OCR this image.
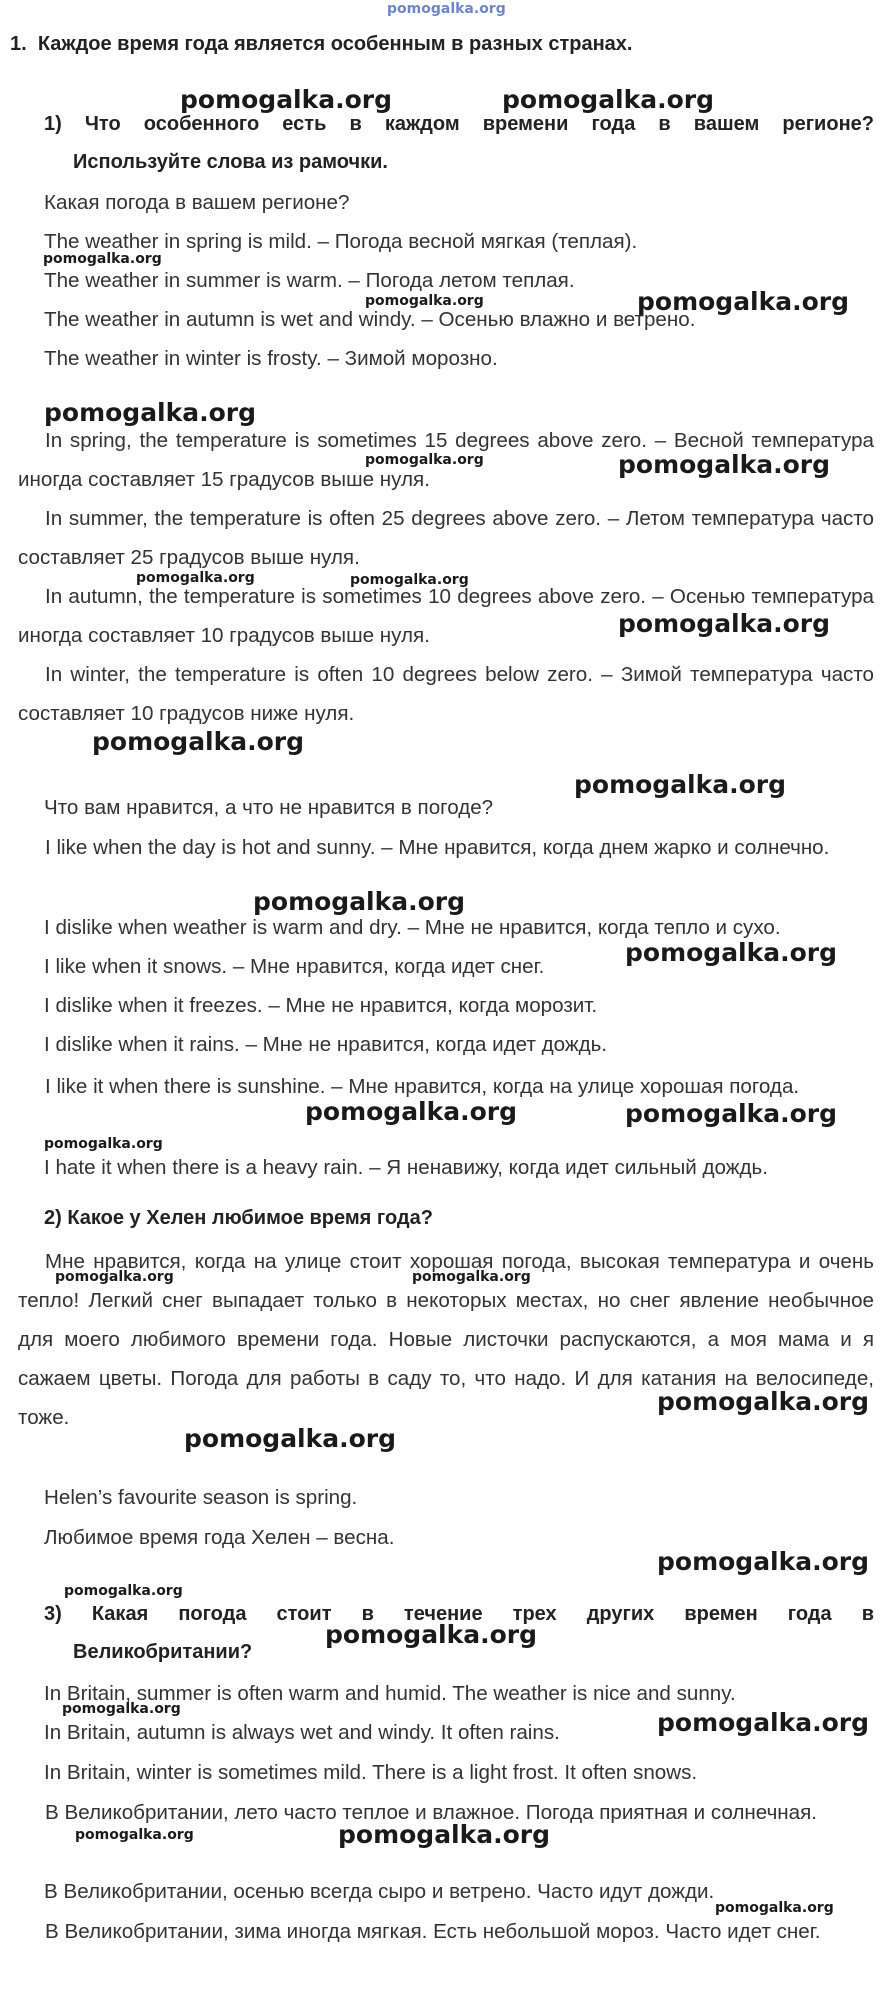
pomogalka.org
1. Каждое время года является особенным в разных странах.
1) Что особенного есть в каждом времени года в вашем регионе?
Используйте слова из рамочки.

Какая погода в вашем регионе?

The weather in spring is mild. – Погода весной мягкая (теплая).

The weather in summer is warm. – Погода летом теплая.

The weather in autumn is wet and windy. – Осенью влажно и ветрено.

The weather in winter is frosty. – Зимой морозно.

In spring, the temperature is sometimes 15 degrees above zero. – Весной температура иногда составляет 15 градусов выше нуля.

In summer, the temperature is often 25 degrees above zero. – Летом температура часто составляет 25 градусов выше нуля.

In autumn, the temperature is sometimes 10 degrees above zero. – Осенью температура иногда составляет 10 градусов выше нуля.

In winter, the temperature is often 10 degrees below zero. – Зимой температура часто составляет 10 градусов ниже нуля.

Что вам нравится, а что не нравится в погоде?

I like when the day is hot and sunny. – Мне нравится, когда днем жарко и солнечно.

I dislike when weather is warm and dry. – Мне не нравится, когда тепло и сухо.

I like when it snows. – Мне нравится, когда идет снег.

I dislike when it freezes. – Мне не нравится, когда морозит.

I dislike when it rains. – Мне не нравится, когда идет дождь.

I like it when there is sunshine. – Мне нравится, когда на улице хорошая погода.

I hate it when there is a heavy rain. – Я ненавижу, когда идет сильный дождь.

2) Какое у Хелен любимое время года?

Мне нравится, когда на улице стоит хорошая погода, высокая температура и очень тепло! Легкий снег выпадает только в некоторых местах, но снег явление необычное для моего любимого времени года. Новые листочки распускаются, а моя мама и я сажаем цветы. Погода для работы в саду то, что надо. И для катания на велосипеде, тоже.

Helen’s favourite season is spring.

Любимое время года Хелен – весна.

3) Какая погода стоит в течение трех других времен года в
Великобритании?

In Britain, summer is often warm and humid. The weather is nice and sunny.

In Britain, autumn is always wet and windy. It often rains.

In Britain, winter is sometimes mild. There is a light frost. It often snows.

В Великобритании, лето часто теплое и влажное. Погода приятная и солнечная.

В Великобритании, осенью всегда сыро и ветрено. Часто идут дожди.

В Великобритании, зима иногда мягкая. Есть небольшой мороз. Часто идет снег.

pomogalka.org	pomogalka.org
pomogalka.org
pomogalka.org
pomogalka.org
pomogalka.org
pomogalka.org
pomogalka.org
pomogalka.org
pomogalka.org
pomogalka.org	pomogalka.org
pomogalka.org
pomogalka.org
pomogalka.org
pomogalka.org
pomogalka.org
pomogalka.org
pomogalka.org
pomogalka.org
pomogalka.org
pomogalka.org	pomogalka.org
pomogalka.org
pomogalka.org	pomogalka.org
pomogalka.org
pomogalka.org
pomogalka.org
pomogalka.org
